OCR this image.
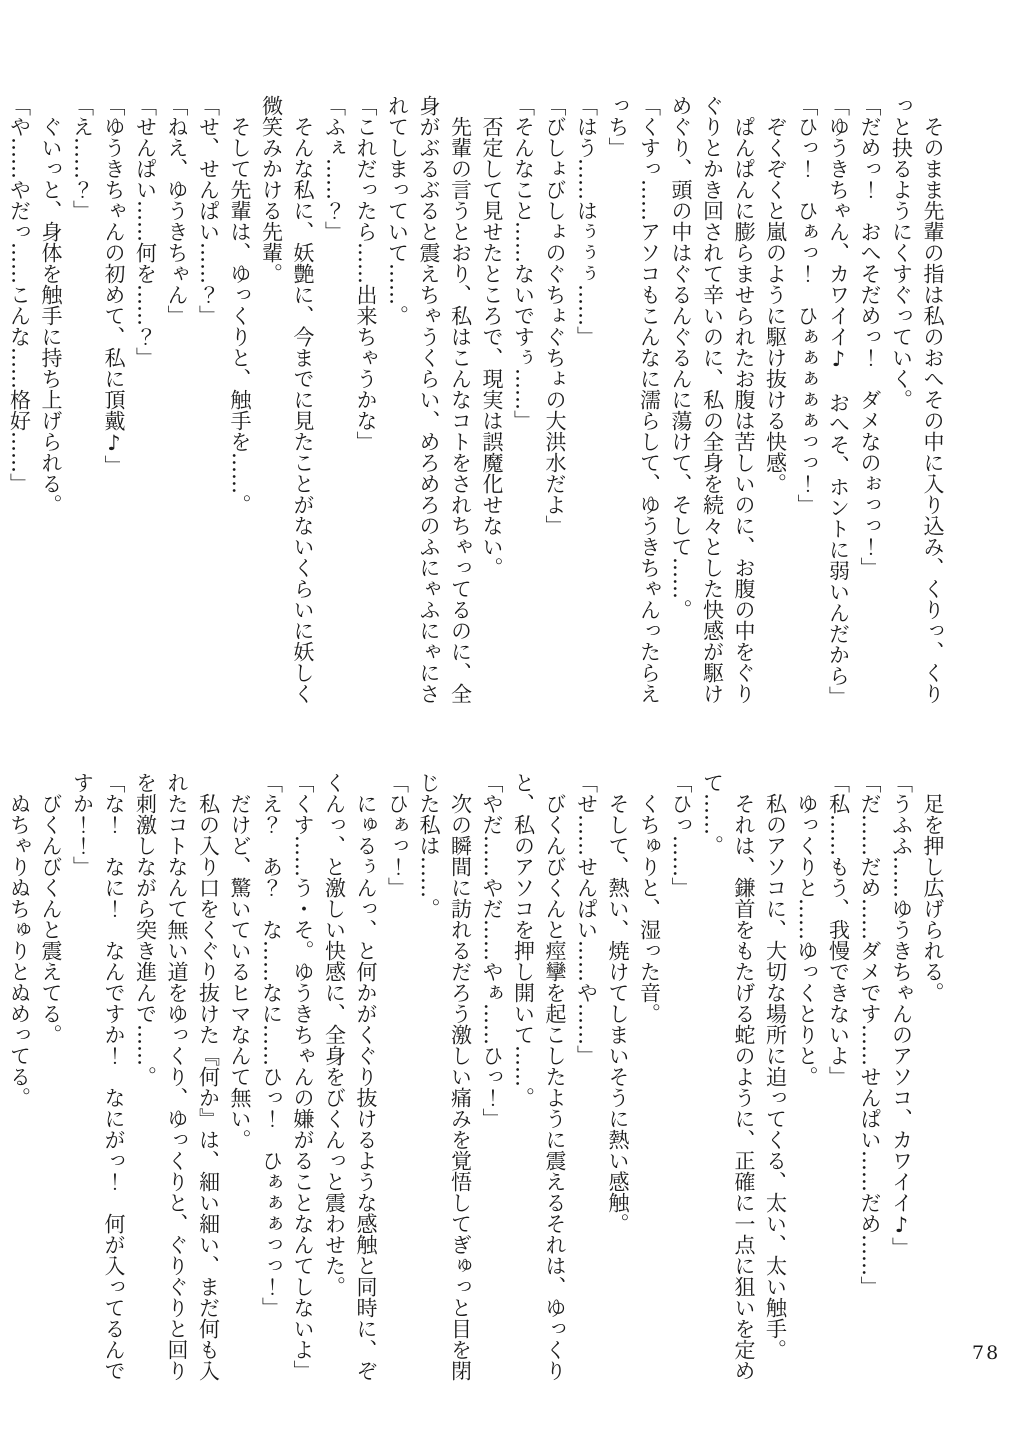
そのまま先輩の指は私のおへその中に入り込み、くりっ、くりっと抉るようにくすぐっていく。

「だめっ！　おへそだめっ！　ダメなのぉっっ！」

「ゆうきちゃん、カワイイ♪　おへそ、ホントに弱いんだから」

「ひっ！　ひぁっ！　ひぁぁぁぁぁっっ！」

ぞくぞくと嵐のように駆け抜ける快感。

ぱんぱんに膨らませられたお腹は苦しいのに、お腹の中をぐりぐりとかき回されて辛いのに、私の全身を続々とした快感が駆けめぐり、頭の中はぐるんぐるんに蕩けて、そして……。

「くすっ……アソコもこんなに濡らして、ゆうきちゃんったらえっち」

「はう……はぅぅぅ……」

「びしょびしょのぐちょぐちょの大洪水だよ」

「そんなこと……ないですぅ……」

否定して見せたところで、現実は誤魔化せない。

先輩の言うとおり、私はこんなコトをされちゃってるのに、全身がぶるぶると震えちゃうくらい、めろめろのふにゃふにゃにされてしまっていて……。

「これだったら……出来ちゃうかな」

「ふぇ……？」

そんな私に、妖艶に、今までに見たことがないくらいに妖しく微笑みかける先輩。

そして先輩は、ゆっくりと、触手を……。

「せ、せんぱい……？」

「ねえ、ゆうきちゃん」

「せんぱい……何を……？」

「ゆうきちゃんの初めて、私に頂戴♪」

「え……？」

ぐいっと、身体を触手に持ち上げられる。

「や……やだっ……こんな……格好……」

足を押し広げられる。

「うふふ……ゆうきちゃんのアソコ、カワイイ♪」

「だ……だめ……ダメです……せんぱい……だめ……」

「私……もう、我慢できないよ」

ゆっくりと……ゆっくとりと。

私のアソコに、大切な場所に迫ってくる、太い、太い触手。

それは、鎌首をもたげる蛇のように、正確に一点に狙いを定めて……。

「ひっ……」

くちゅりと、湿った音。

そして、熱い、焼けてしまいそうに熱い感触。

「せ……せんぱい……や……」

びくんびくんと痙攣を起こしたように震えるそれは、ゆっくりと、私のアソコを押し開いて……。

「やだ……やだ……やぁ……ひっ！」

次の瞬間に訪れるだろう激しい痛みを覚悟してぎゅっと目を閉じた私は……。

「ひぁっ！」

にゅるぅんっ、と何かがくぐり抜けるような感触と同時に、ぞくんっ、と激しい快感に、全身をびくんっと震わせた。

「くす……う・そ。ゆうきちゃんの嫌がることなんてしないよ」

「え？　あ？　な……なに……ひっ！　ひぁぁぁっっ！」

だけど、驚いているヒマなんて無い。

私の入り口をくぐり抜けた『何か』は、細い細い、まだ何も入れたコトなんて無い道をゆっくり、ゆっくりと、ぐりぐりと回りを刺激しながら突き進んで……。

「な！　なに！　なんですか！　なにがっ！　何が入ってるんですか！！」

びくんびくんと震えてる。

ぬちゃりぬちゅりとぬめってる。

78
